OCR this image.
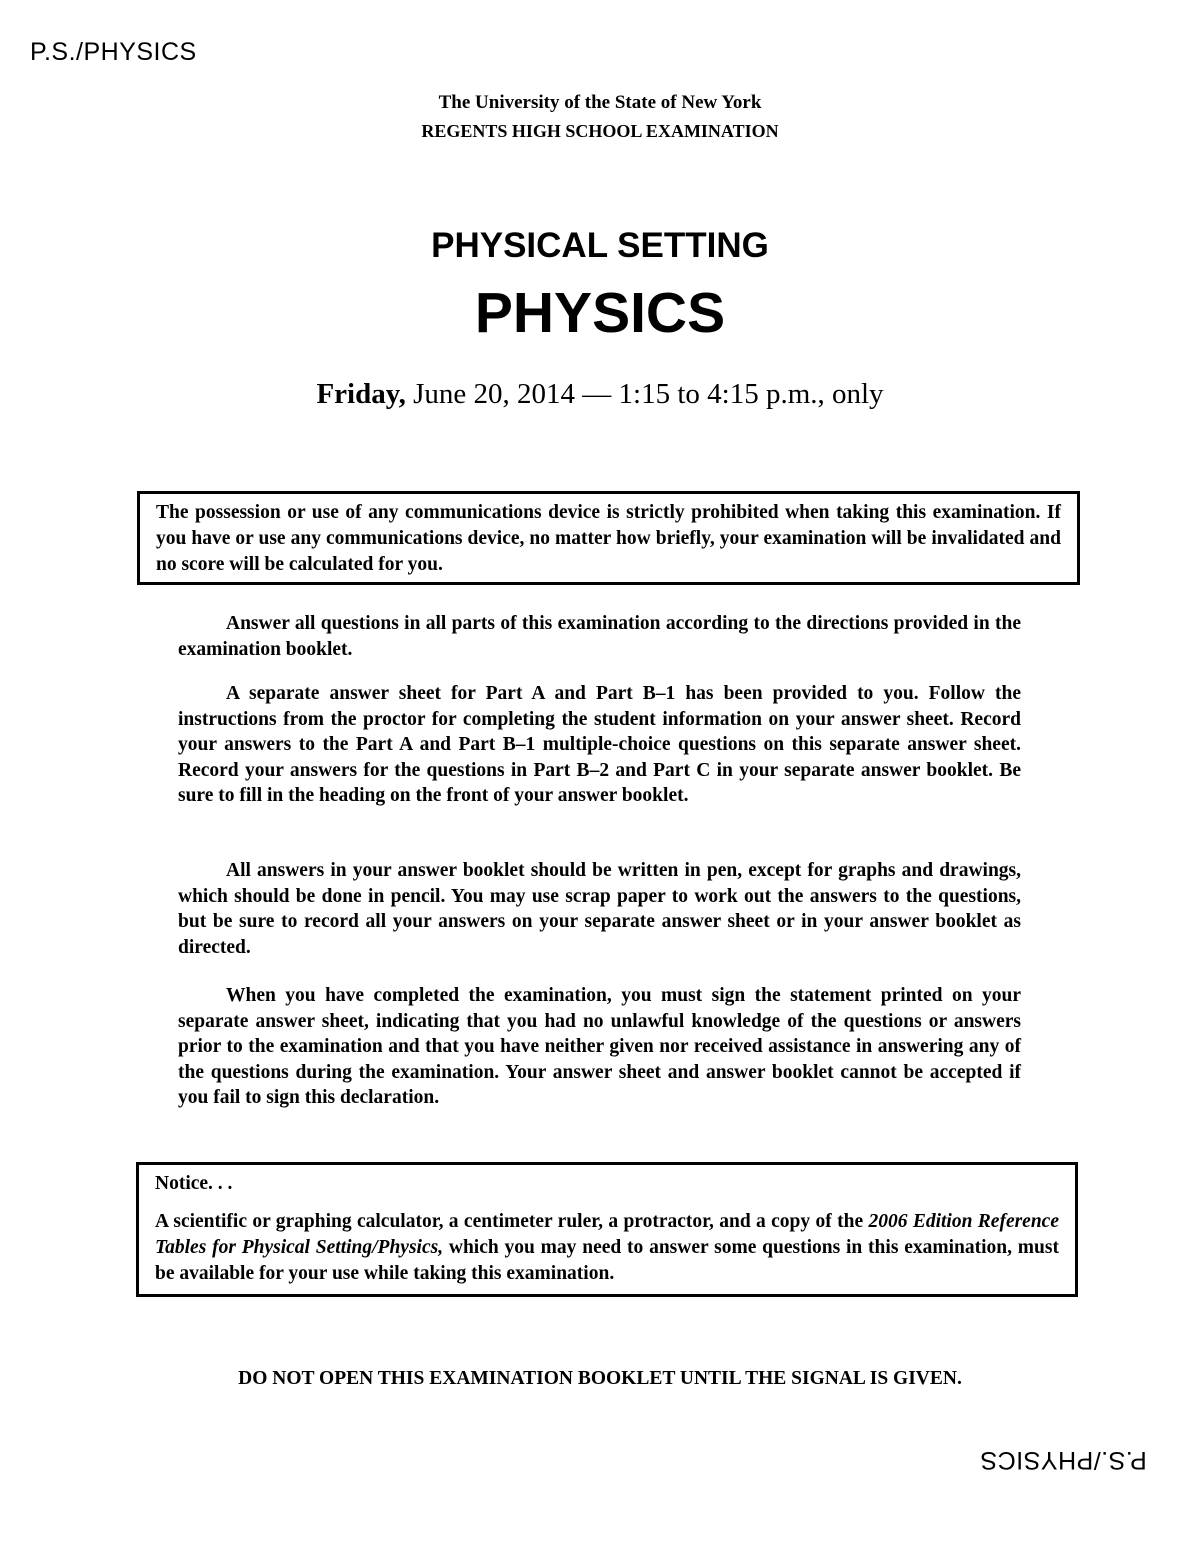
P.S./PHYSICS
The University of the State of New York
REGENTS HIGH SCHOOL EXAMINATION
PHYSICAL SETTING
PHYSICS
Friday, June 20, 2014 — 1:15 to 4:15 p.m., only
The possession or use of any communications device is strictly prohibited when taking this examination. If you have or use any communications device, no matter how briefly, your examination will be invalidated and no score will be calculated for you.

Answer all questions in all parts of this examination according to the directions provided in the examination booklet.

A separate answer sheet for Part A and Part B–1 has been provided to you. Follow the instructions from the proctor for completing the student information on your answer sheet. Record your answers to the Part A and Part B–1 multiple-choice questions on this separate answer sheet. Record your answers for the questions in Part B–2 and Part C in your separate answer booklet. Be sure to fill in the heading on the front of your answer booklet.

All answers in your answer booklet should be written in pen, except for graphs and drawings, which should be done in pencil. You may use scrap paper to work out the answers to the questions, but be sure to record all your answers on your separate answer sheet or in your answer booklet as directed.

When you have completed the examination, you must sign the statement printed on your separate answer sheet, indicating that you had no unlawful knowledge of the questions or answers prior to the examination and that you have neither given nor received assistance in answering any of the questions during the examination. Your answer sheet and answer booklet cannot be accepted if you fail to sign this declaration.

Notice. . .
A scientific or graphing calculator, a centimeter ruler, a protractor, and a copy of the 2006 Edition Reference Tables for Physical Setting/Physics, which you may need to answer some questions in this examination, must be available for your use while taking this examination.
DO NOT OPEN THIS EXAMINATION BOOKLET UNTIL THE SIGNAL IS GIVEN.
P.S./PHYSICS
